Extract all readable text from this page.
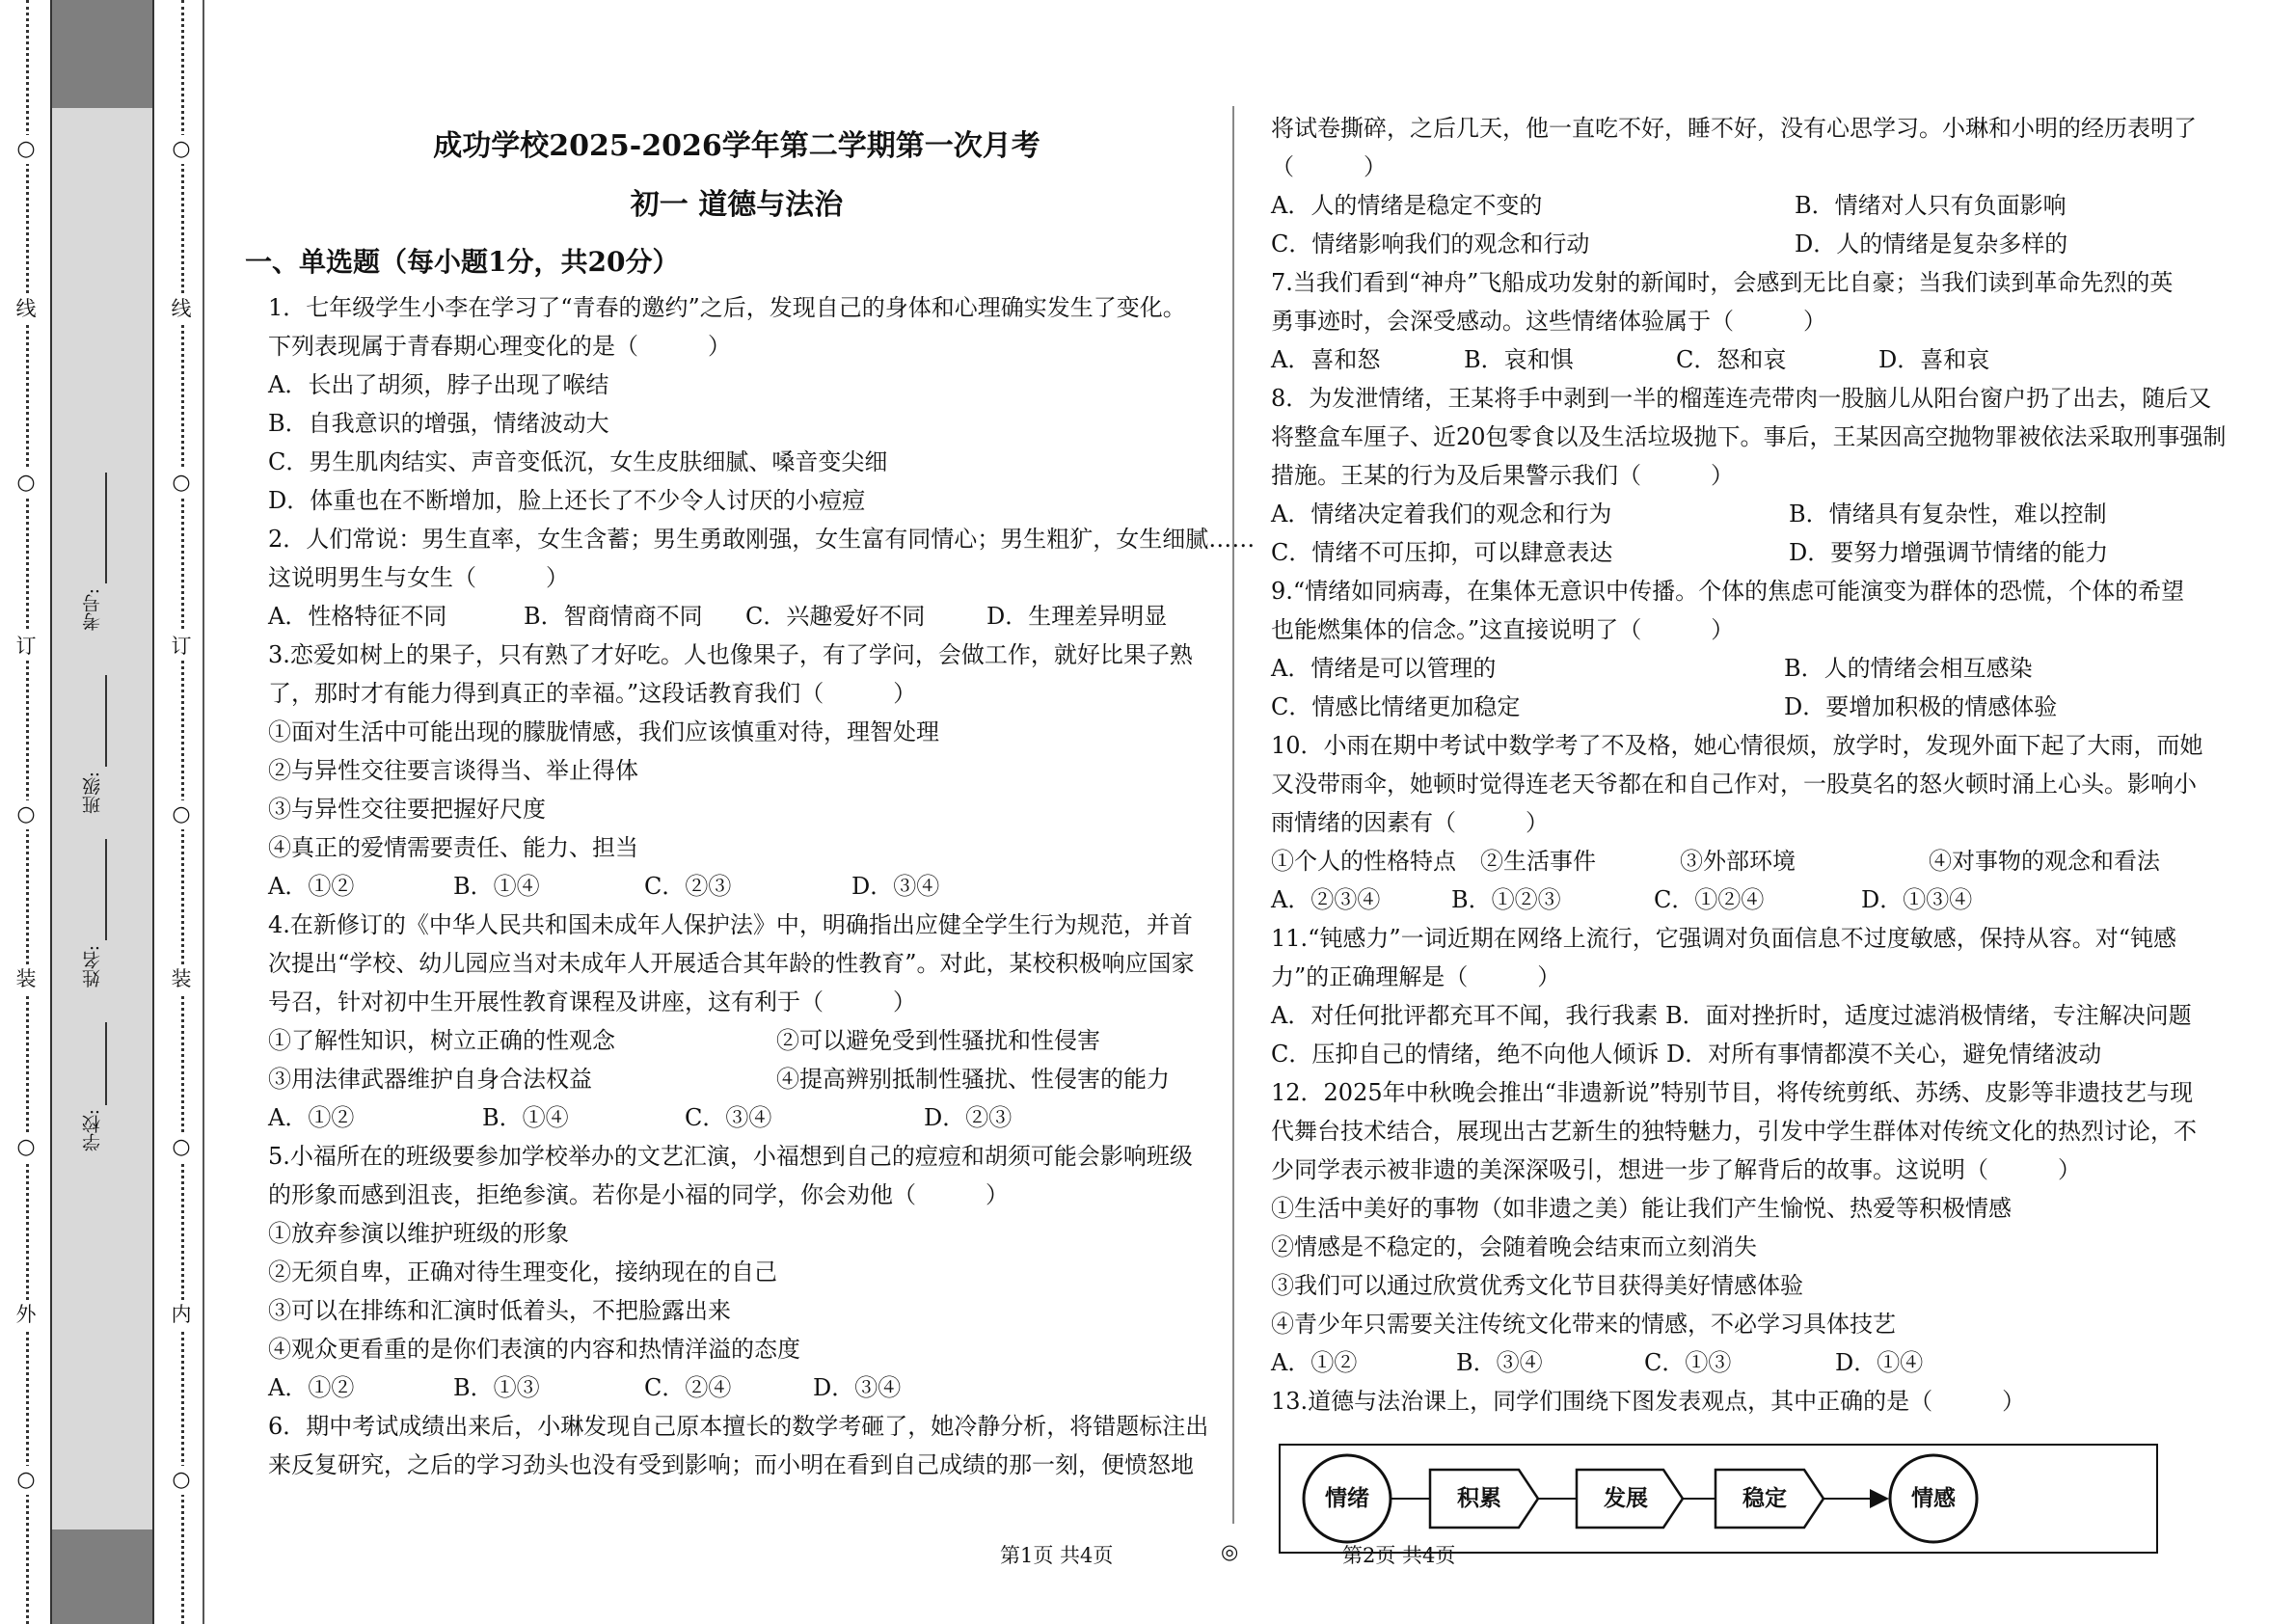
○
线
○
订
○
装
○
外
○
学校:
姓名:
班级:
考号:
○
线
○
订
○
装
○
内
○
成功学校2025-2026学年第二学期第一次月考
初一 道德与法治
一、单选题（每小题1分，共20分）
1．七年级学生小李在学习了“青春的邀约”之后，发现自己的身体和心理确实发生了变化。
下列表现属于青春期心理变化的是（　　　）
A．长出了胡须，脖子出现了喉结
B．自我意识的增强，情绪波动大
C．男生肌肉结实、声音变低沉，女生皮肤细腻、嗓音变尖细
D．体重也在不断增加，脸上还长了不少令人讨厌的小痘痘
2．人们常说：男生直率，女生含蓄；男生勇敢刚强，女生富有同情心；男生粗犷，女生细腻……
这说明男生与女生（　　　）
3.恋爱如树上的果子，只有熟了才好吃。人也像果子，有了学问，会做工作，就好比果子熟
了，那时才有能力得到真正的幸福。”这段话教育我们（　　　）
①面对生活中可能出现的朦胧情感，我们应该慎重对待，理智处理
②与异性交往要言谈得当、举止得体
③与异性交往要把握好尺度
④真正的爱情需要责任、能力、担当
4.在新修订的《中华人民共和国未成年人保护法》中，明确指出应健全学生行为规范，并首
次提出“学校、幼儿园应当对未成年人开展适合其年龄的性教育”。对此，某校积极响应国家
号召，针对初中生开展性教育课程及讲座，这有利于（　　　）
5.小福所在的班级要参加学校举办的文艺汇演，小福想到自己的痘痘和胡须可能会影响班级
的形象而感到沮丧，拒绝参演。若你是小福的同学，你会劝他（　　　）
①放弃参演以维护班级的形象
②无须自卑，正确对待生理变化，接纳现在的自己
③可以在排练和汇演时低着头，不把脸露出来
④观众更看重的是你们表演的内容和热情洋溢的态度
6．期中考试成绩出来后，小琳发现自己原本擅长的数学考砸了，她冷静分析，将错题标注出
来反复研究，之后的学习劲头也没有受到影响；而小明在看到自己成绩的那一刻，便愤怒地
A．性格特征不同	B．智商情商不同 C．兴趣爱好不同	D．生理差异明显
A．①②	B．①④	C．②③	D．③④
①了解性知识，树立正确的性观念	②可以避免受到性骚扰和性侵害
③用法律武器维护自身合法权益	④提高辨别抵制性骚扰、性侵害的能力
A．①②	B．①④	C．③④	D．②③
A．①②	B．①③	C．②④	D．③④
将试卷撕碎，之后几天，他一直吃不好，睡不好，没有心思学习。小琳和小明的经历表明了
（　　　）
7.当我们看到“神舟”飞船成功发射的新闻时，会感到无比自豪；当我们读到革命先烈的英
勇事迹时，会深受感动。这些情绪体验属于（　　　）
8．为发泄情绪，王某将手中剥到一半的榴莲连壳带肉一股脑儿从阳台窗户扔了出去，随后又
将整盒车厘子、近20包零食以及生活垃圾抛下。事后，王某因高空抛物罪被依法采取刑事强制
措施。王某的行为及后果警示我们（　　　）
9.“情绪如同病毒，在集体无意识中传播。个体的焦虑可能演变为群体的恐慌，个体的希望
也能燃集体的信念。”这直接说明了（　　　）
10．小雨在期中考试中数学考了不及格，她心情很烦，放学时，发现外面下起了大雨，而她
又没带雨伞，她顿时觉得连老天爷都在和自己作对，一股莫名的怒火顿时涌上心头。影响小
雨情绪的因素有（　　　）
11.“钝感力”一词近期在网络上流行，它强调对负面信息不过度敏感，保持从容。对“钝感
力”的正确理解是（　　　）
A．对任何批评都充耳不闻，我行我素 B．面对挫折时，适度过滤消极情绪，专注解决问题
C．压抑自己的情绪，绝不向他人倾诉 D．对所有事情都漠不关心，避免情绪波动
12．2025年中秋晚会推出“非遗新说”特别节目，将传统剪纸、苏绣、皮影等非遗技艺与现
代舞台技术结合，展现出古艺新生的独特魅力，引发中学生群体对传统文化的热烈讨论，不
少同学表示被非遗的美深深吸引，想进一步了解背后的故事。这说明（　　　）
①生活中美好的事物（如非遗之美）能让我们产生愉悦、热爱等积极情感
②情感是不稳定的，会随着晚会结束而立刻消失
③我们可以通过欣赏优秀文化节目获得美好情感体验
④青少年只需要关注传统文化带来的情感，不必学习具体技艺
13.道德与法治课上，同学们围绕下图发表观点，其中正确的是（　　　）
A．人的情绪是稳定不变的	B．情绪对人只有负面影响
C．情绪影响我们的观念和行动	D．人的情绪是复杂多样的
A．喜和怒	B．哀和惧	C．怒和哀	D．喜和哀
A．情绪决定着我们的观念和行为	B．情绪具有复杂性，难以控制
C．情绪不可压抑，可以肆意表达	D．要努力增强调节情绪的能力
A．情绪是可以管理的	B．人的情绪会相互感染
C．情感比情绪更加稳定	D．要增加积极的情感体验
①个人的性格特点 ②生活事件	③外部环境	④对事物的观念和看法
A．②③④	B．①②③	C．①②④	D．①③④
A．①②	B．③④	C．①③	D．①④
情绪	积累	发展	稳定	情感
第1页 共4页	◎	第2页 共4页
